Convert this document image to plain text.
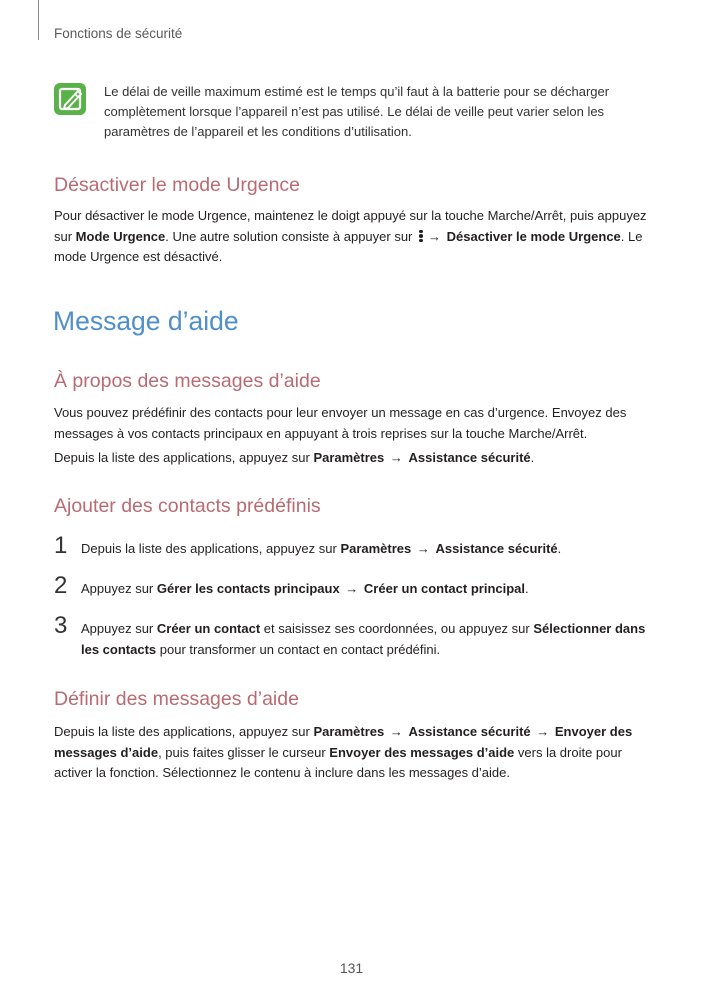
Fonctions de sécurité
Le délai de veille maximum estimé est le temps qu’il faut à la batterie pour se décharger complètement lorsque l’appareil n’est pas utilisé. Le délai de veille peut varier selon les paramètres de l’appareil et les conditions d’utilisation.
Désactiver le mode Urgence
Pour désactiver le mode Urgence, maintenez le doigt appuyé sur la touche Marche/Arrêt, puis appuyez sur Mode Urgence. Une autre solution consiste à appuyer sur
→ Désactiver le mode Urgence. Le mode Urgence est désactivé.
Message d’aide
À propos des messages d’aide
Vous pouvez prédéfinir des contacts pour leur envoyer un message en cas d’urgence. Envoyez des messages à vos contacts principaux en appuyant à trois reprises sur la touche Marche/Arrêt.
Depuis la liste des applications, appuyez sur Paramètres → Assistance sécurité.
Ajouter des contacts prédéfinis
1 Depuis la liste des applications, appuyez sur Paramètres → Assistance sécurité.
2 Appuyez sur Gérer les contacts principaux → Créer un contact principal.
3 Appuyez sur Créer un contact et saisissez ses coordonnées, ou appuyez sur Sélectionner dans les contacts pour transformer un contact en contact prédéfini.
Définir des messages d’aide
Depuis la liste des applications, appuyez sur Paramètres → Assistance sécurité → Envoyer des messages d’aide, puis faites glisser le curseur Envoyer des messages d’aide vers la droite pour activer la fonction. Sélectionnez le contenu à inclure dans les messages d’aide.
131
